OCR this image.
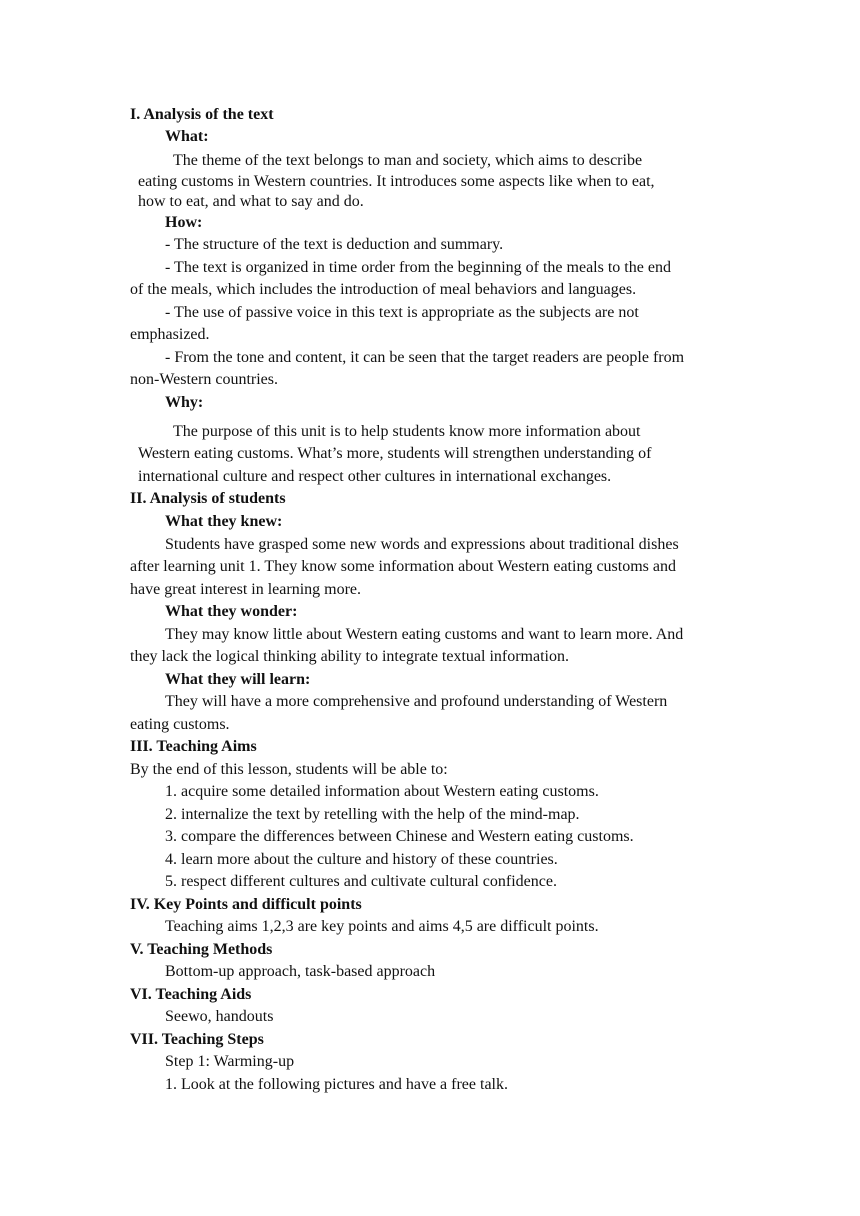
I. Analysis of the text
What:
The theme of the text belongs to man and society, which aims to describe
eating customs in Western countries. It introduces some aspects like when to eat,
how to eat, and what to say and do.
How:
- The structure of the text is deduction and summary.
- The text is organized in time order from the beginning of the meals to the end
of the meals, which includes the introduction of meal behaviors and languages.
- The use of passive voice in this text is appropriate as the subjects are not
emphasized.
- From the tone and content, it can be seen that the target readers are people from
non-Western countries.
Why:
The purpose of this unit is to help students know more information about
Western eating customs. What’s more, students will strengthen understanding of
international culture and respect other cultures in international exchanges.
II. Analysis of students
What they knew:
Students have grasped some new words and expressions about traditional dishes
after learning unit 1. They know some information about Western eating customs and
have great interest in learning more.
What they wonder:
They may know little about Western eating customs and want to learn more. And
they lack the logical thinking ability to integrate textual information.
What they will learn:
They will have a more comprehensive and profound understanding of Western
eating customs.
III. Teaching Aims
By the end of this lesson, students will be able to:
1. acquire some detailed information about Western eating customs.
2. internalize the text by retelling with the help of the mind-map.
3. compare the differences between Chinese and Western eating customs.
4. learn more about the culture and history of these countries.
5. respect different cultures and cultivate cultural confidence.
IV. Key Points and difficult points
Teaching aims 1,2,3 are key points and aims 4,5 are difficult points.
V. Teaching Methods
Bottom-up approach, task-based approach
VI. Teaching Aids
Seewo, handouts
VII. Teaching Steps
Step 1: Warming-up
1. Look at the following pictures and have a free talk.
